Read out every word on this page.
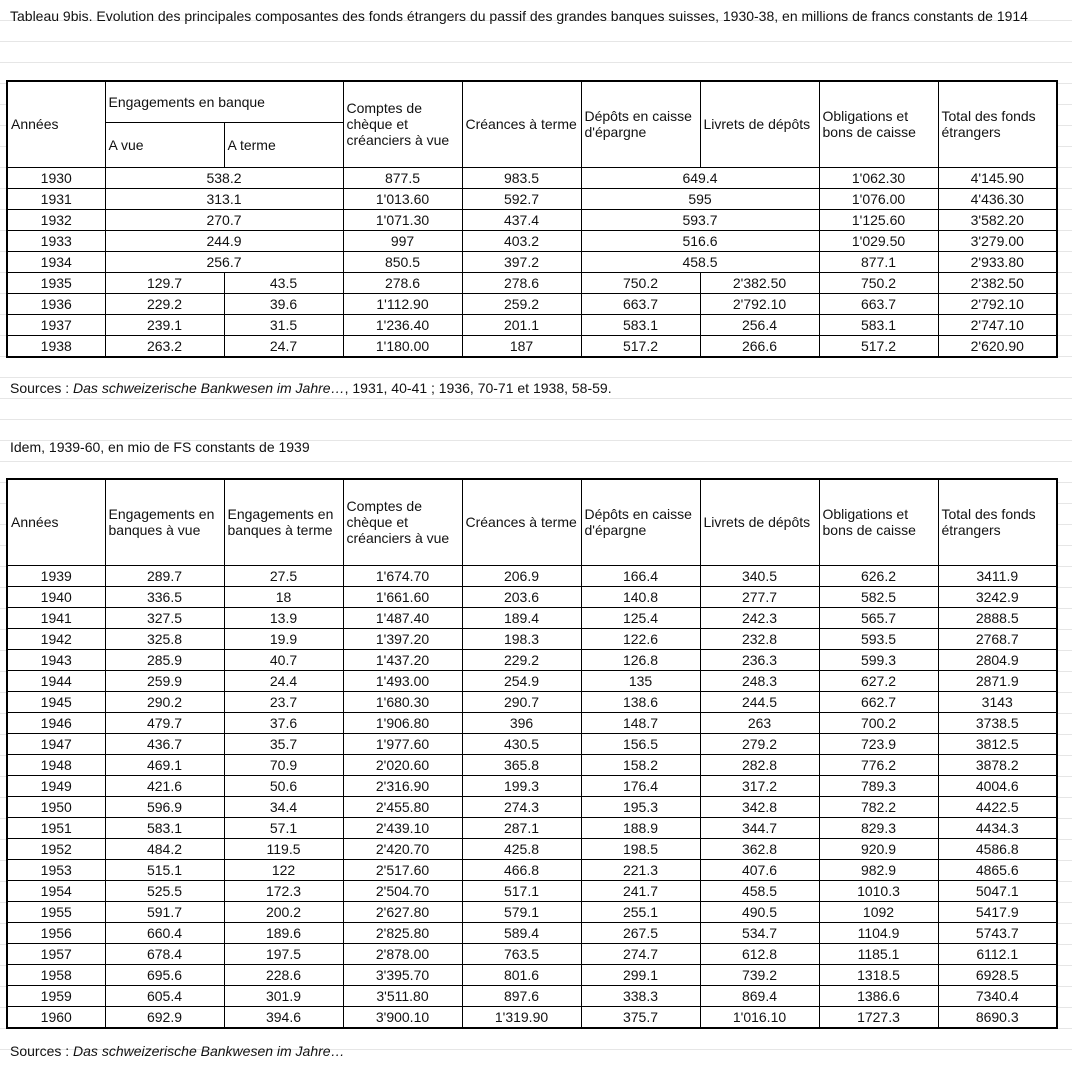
Tableau 9bis. Evolution des principales composantes des fonds étrangers du passif des grandes banques suisses, 1930-38, en millions de francs constants de 1914
Années	Engagements en banque		Comptes de chèque et créanciers à vue	Créances à terme	Dépôts en caisse d'épargne	Livrets de dépôts	Obligations et bons de caisse	Total des fonds étrangers
	A vue	A terme						
1930	538.2		877.5	983.5	649.4		1'062.30	4'145.90
1931	313.1		1'013.60	592.7	595		1'076.00	4'436.30
1932	270.7		1'071.30	437.4	593.7		1'125.60	3'582.20
1933	244.9		997	403.2	516.6		1'029.50	3'279.00
1934	256.7		850.5	397.2	458.5		877.1	2'933.80
1935	129.7	43.5	278.6	278.6	750.2	2'382.50	750.2	2'382.50
1936	229.2	39.6	1'112.90	259.2	663.7	2'792.10	663.7	2'792.10
1937	239.1	31.5	1'236.40	201.1	583.1	256.4	583.1	2'747.10
1938	263.2	24.7	1'180.00	187	517.2	266.6	517.2	2'620.90
Sources : Das schweizerische Bankwesen im Jahre…, 1931, 40-41 ; 1936, 70-71 et 1938, 58-59.
Idem, 1939-60, en mio de FS constants de 1939
Années	Engagements en banques à vue	Engagements en banques à terme	Comptes de chèque et créanciers à vue	Créances à terme	Dépôts en caisse d'épargne	Livrets de dépôts	Obligations et bons de caisse	Total des fonds étrangers
1939	289.7	27.5	1'674.70	206.9	166.4	340.5	626.2	3411.9
1940	336.5	18	1'661.60	203.6	140.8	277.7	582.5	3242.9
1941	327.5	13.9	1'487.40	189.4	125.4	242.3	565.7	2888.5
1942	325.8	19.9	1'397.20	198.3	122.6	232.8	593.5	2768.7
1943	285.9	40.7	1'437.20	229.2	126.8	236.3	599.3	2804.9
1944	259.9	24.4	1'493.00	254.9	135	248.3	627.2	2871.9
1945	290.2	23.7	1'680.30	290.7	138.6	244.5	662.7	3143
1946	479.7	37.6	1'906.80	396	148.7	263	700.2	3738.5
1947	436.7	35.7	1'977.60	430.5	156.5	279.2	723.9	3812.5
1948	469.1	70.9	2'020.60	365.8	158.2	282.8	776.2	3878.2
1949	421.6	50.6	2'316.90	199.3	176.4	317.2	789.3	4004.6
1950	596.9	34.4	2'455.80	274.3	195.3	342.8	782.2	4422.5
1951	583.1	57.1	2'439.10	287.1	188.9	344.7	829.3	4434.3
1952	484.2	119.5	2'420.70	425.8	198.5	362.8	920.9	4586.8
1953	515.1	122	2'517.60	466.8	221.3	407.6	982.9	4865.6
1954	525.5	172.3	2'504.70	517.1	241.7	458.5	1010.3	5047.1
1955	591.7	200.2	2'627.80	579.1	255.1	490.5	1092	5417.9
1956	660.4	189.6	2'825.80	589.4	267.5	534.7	1104.9	5743.7
1957	678.4	197.5	2'878.00	763.5	274.7	612.8	1185.1	6112.1
1958	695.6	228.6	3'395.70	801.6	299.1	739.2	1318.5	6928.5
1959	605.4	301.9	3'511.80	897.6	338.3	869.4	1386.6	7340.4
1960	692.9	394.6	3'900.10	1'319.90	375.7	1'016.10	1727.3	8690.3
Sources : Das schweizerische Bankwesen im Jahre…
